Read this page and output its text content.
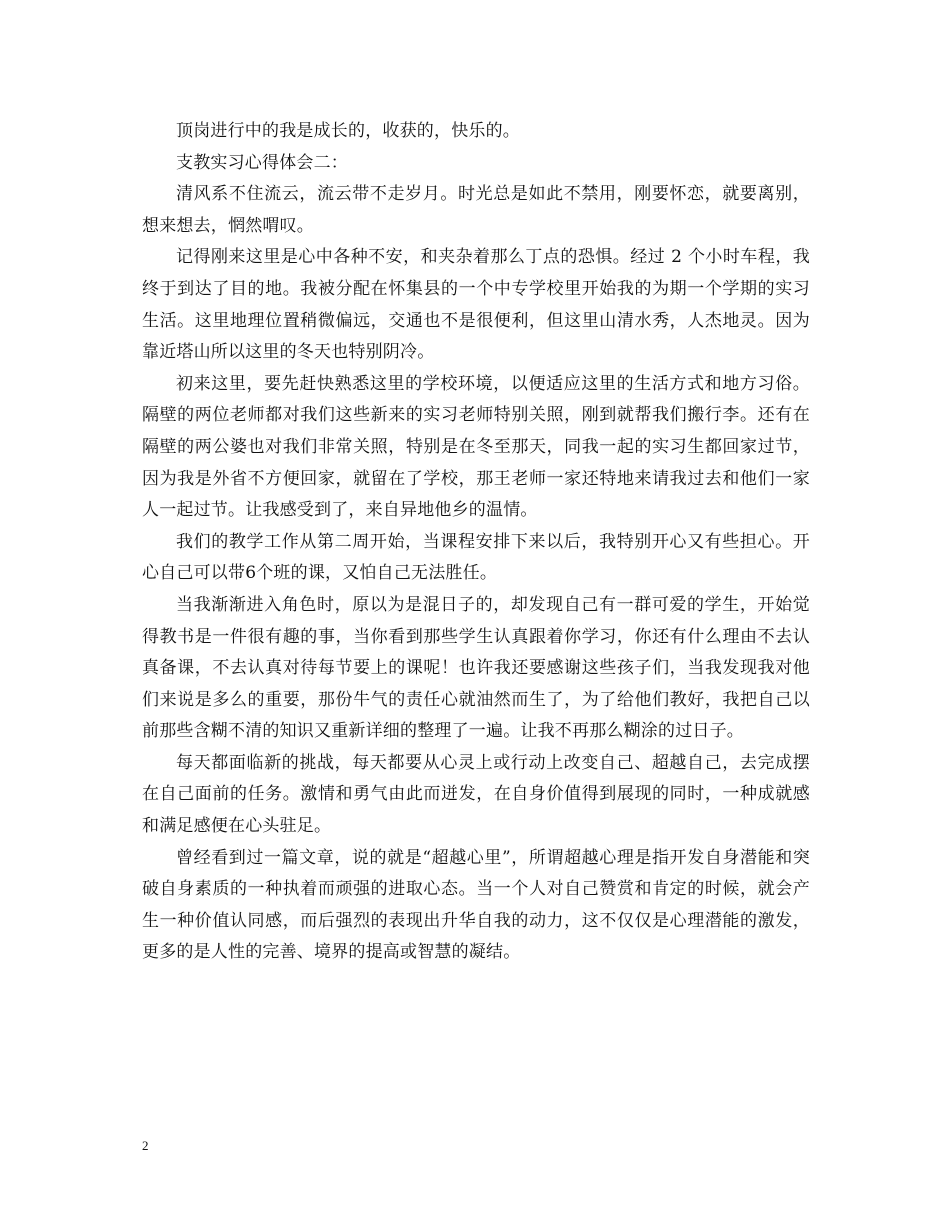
顶岗进行中的我是成长的，收获的，快乐的。

支教实习心得体会二：

清风系不住流云，流云带不走岁月。时光总是如此不禁用，刚要怀恋，就要离别，想来想去，惘然喟叹。

记得刚来这里是心中各种不安，和夹杂着那么丁点的恐惧。经过 2 个小时车程，我终于到达了目的地。我被分配在怀集县的一个中专学校里开始我的为期一个学期的实习生活。这里地理位置稍微偏远，交通也不是很便利，但这里山清水秀，人杰地灵。因为靠近塔山所以这里的冬天也特别阴冷。

初来这里，要先赶快熟悉这里的学校环境，以便适应这里的生活方式和地方习俗。隔壁的两位老师都对我们这些新来的实习老师特别关照，刚到就帮我们搬行李。还有在隔壁的两公婆也对我们非常关照，特别是在冬至那天，同我一起的实习生都回家过节，因为我是外省不方便回家，就留在了学校，那王老师一家还特地来请我过去和他们一家人一起过节。让我感受到了，来自异地他乡的温情。

我们的教学工作从第二周开始，当课程安排下来以后，我特别开心又有些担心。开心自己可以带6个班的课，又怕自己无法胜任。

当我渐渐进入角色时，原以为是混日子的，却发现自己有一群可爱的学生，开始觉得教书是一件很有趣的事，当你看到那些学生认真跟着你学习，你还有什么理由不去认真备课，不去认真对待每节要上的课呢！也许我还要感谢这些孩子们，当我发现我对他们来说是多么的重要，那份牛气的责任心就油然而生了，为了给他们教好，我把自己以前那些含糊不清的知识又重新详细的整理了一遍。让我不再那么糊涂的过日子。

每天都面临新的挑战，每天都要从心灵上或行动上改变自己、超越自己，去完成摆在自己面前的任务。激情和勇气由此而迸发，在自身价值得到展现的同时，一种成就感和满足感便在心头驻足。

曾经看到过一篇文章，说的就是“超越心里”，所谓超越心理是指开发自身潜能和突破自身素质的一种执着而顽强的进取心态。当一个人对自己赞赏和肯定的时候，就会产生一种价值认同感，而后强烈的表现出升华自我的动力，这不仅仅是心理潜能的激发，更多的是人性的完善、境界的提高或智慧的凝结。

2
